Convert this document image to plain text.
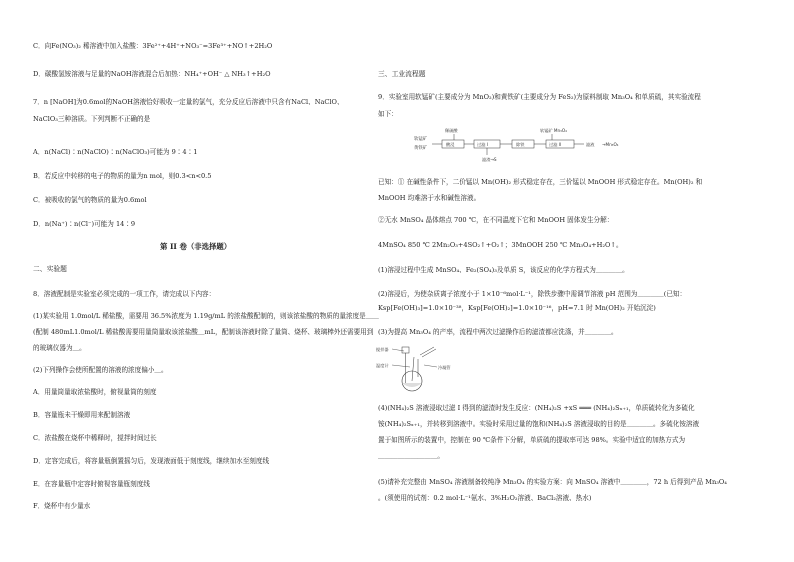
C．向Fe(NO₃)₂ 稀溶液中加入盐酸：3Fe²⁺+4H⁺+NO₃⁻=3Fe³⁺+NO↑+2H₂O
D．碳酸氢铵溶液与足量的NaOH溶液混合后加热：NH₄⁺+OH⁻ △ NH₃↑+H₂O
7．n [NaOH]为0.6mol的NaOH溶液恰好吸收一定量的氯气，充分反应后溶液中只含有NaCl、NaClO、
NaClO₃三种溶质。下列判断不正确的是
A．n(NaCl)∶n(NaClO)∶n(NaClO₃)可能为 9∶4∶1
B．若反应中转移的电子的物质的量为n mol，则0.3<n<0.5
C．被吸收的氯气的物质的量为0.6mol
D．n(Na⁺)∶n(Cl⁻)可能为 14∶9
第 II 卷（非选择题）
二、实验题
8．溶液配制是实验室必须完成的一项工作，请完成以下内容：
(1)某实验用 1.0mol/L 稀盐酸，需要用 36.5%浓度为 1.19g/mL 的浓盐酸配制的，则该浓盐酸的物质的量浓度是＿＿
(配制 480mL1.0mol/L 稀盐酸需要用量筒量取该浓盐酸＿mL，配制该溶液时除了量筒、烧杯、玻璃棒外还需要用到
的玻璃仪器为＿。
(2)下列操作会使所配置的溶液的浓度偏小＿。
A．用量筒量取浓盐酸时，俯视量筒的刻度
B．容量瓶未干燥即用来配制溶液
C．浓盐酸在烧杯中稀释时，搅拌时间过长
D．定容完成后，将容量瓶倒置摇匀后，发现液面低于刻度线，继续加水至刻度线
E．在容量瓶中定容时俯视容量瓶刻度线
F．烧杯中有少量水
三、工业流程题
9．实验室用软锰矿(主要成分为 MnO₂)和黄铁矿(主要成分为 FeS₂)为原料制取 Mn₃O₄ 和单质硫，其实验流程
如下：
软锰矿
黄铁矿
稀硫酸
酸浸	过滤 I
滤渣→S
除铁
软锰矿 Mn₃O₄
过滤 II	滤液 →Mn₃O₄
已知：① 在碱性条件下，二价锰以 Mn(OH)₂ 形式稳定存在，三价锰以 MnOOH 形式稳定存在。Mn(OH)₂ 和
MnOOH 均难溶于水和碱性溶液。
②无水 MnSO₄ 晶体熔点 700 ℃，在不同温度下它和 MnOOH 固体发生分解：
4MnSO₄ 850 ℃ 2Mn₂O₃+4SO₂↑+O₂↑；3MnOOH 250 ℃ Mn₃O₄+H₂O↑。
(1)溶浸过程中生成 MnSO₄、Fe₂(SO₄)₃及单质 S，该反应的化学方程式为＿＿＿＿。
(2)溶浸后，为使杂质离子浓度小于 1×10⁻⁶mol·L⁻¹，除铁步骤中需调节溶液 pH 范围为＿＿＿＿(已知：
Ksp[Fe(OH)₃]=1.0×10⁻³⁸，Ksp[Fe(OH)₂]=1.0×10⁻¹⁶，pH=7.1 时 Mn(OH)₂ 开始沉淀)
(3)为提高 Mn₃O₄ 的产率，流程中两次过滤操作后的滤渣都应洗涤，并＿＿＿＿。
搅拌器
温度计	冷凝管
(4)(NH₄)₂S 溶液浸取过滤 I 得到的滤渣时发生反应：(NH₄)₂S +xS ═══ (NH₄)₂Sₓ₊₁，单质硫转化为多硫化
铵(NH₄)₂Sₓ₊₁，并转移到溶液中。实验时采用过量的饱和(NH₄)₂S 溶液浸取的目的是＿＿＿＿。多硫化铵溶液
置于如图所示的装置中，控制在 90 ℃条件下分解，单质硫的提取率可达 98%。实验中适宜的加热方式为
＿＿＿＿＿＿＿＿＿。
(5)请补充完整由 MnSO₄ 溶液制备较纯净 Mn₃O₄ 的实验方案：向 MnSO₄ 溶液中＿＿＿＿，72 h 后得到产品 Mn₃O₄
。(须使用的试剂：0.2 mol·L⁻¹氨水、3%H₂O₂溶液、BaCl₂溶液、热水)
